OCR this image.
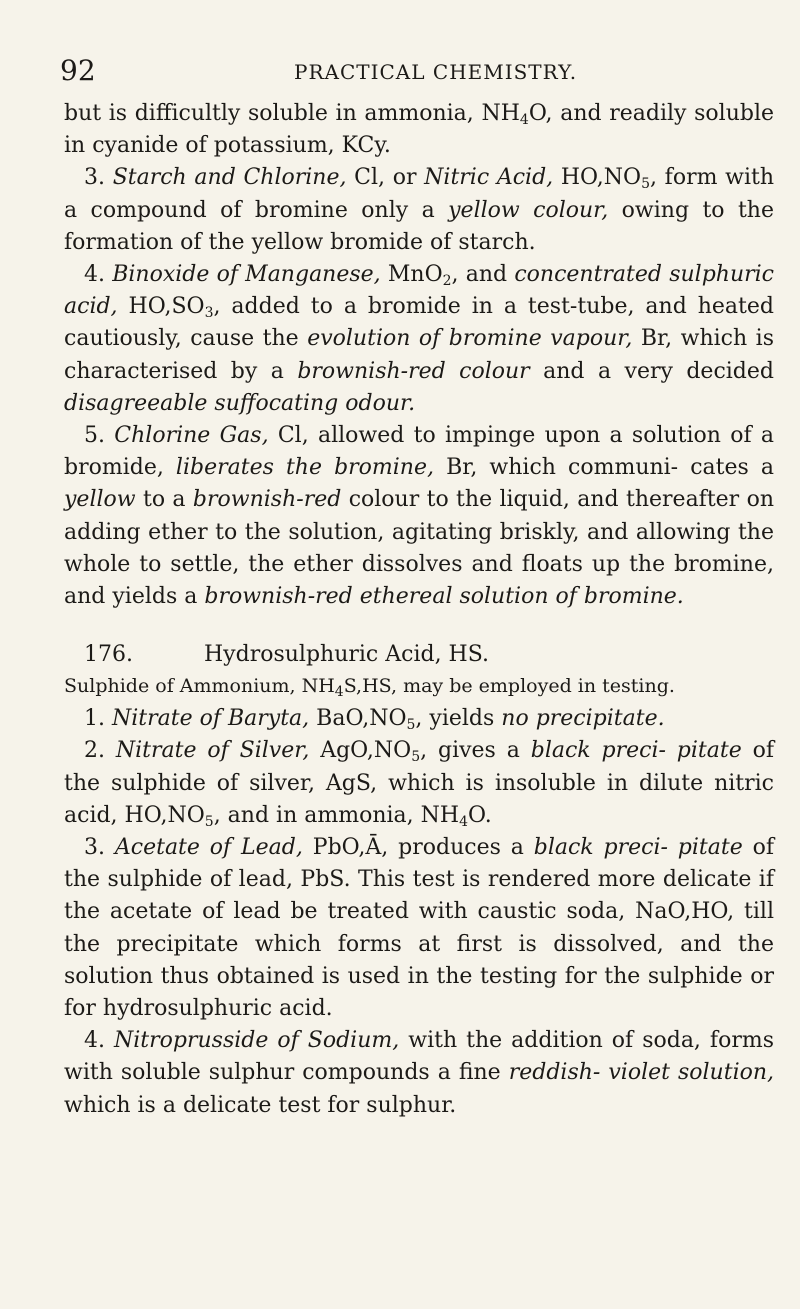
92	PRACTICAL CHEMISTRY.

but is difficultly soluble in ammonia, $NH_4O$, and readily soluble in cyanide of potassium, KCy.

3. Starch and Chlorine, Cl, or Nitric Acid, $HO,NO_5$, form with a compound of bromine only a yellow colour, owing to the formation of the yellow bromide of starch.

4. Binoxide of Manganese, MnO$_2$, and concentrated sulphuric acid, $HO,SO_3$, added to a bromide in a test-tube, and heated cautiously, cause the evolution of bromine vapour, Br, which is characterised by a brownish-red colour and a very decided disagreeable suffocating odour.

5. Chlorine Gas, Cl, allowed to impinge upon a solution of a bromide, liberates the bromine, Br, which communi- cates a yellow to a brownish-red colour to the liquid, and thereafter on adding ether to the solution, agitating briskly, and allowing the whole to settle, the ether dissolves and floats up the bromine, and yields a brownish-red ethereal solution of bromine.

176.	Hydrosulphuric Acid, HS.

Sulphide of Ammonium, $NH_4S,HS$, may be employed in testing.

1. Nitrate of Baryta, $BaO,NO_5$, yields no precipitate.

2. Nitrate of Silver, $AgO,NO_5$, gives a black preci- pitate of the sulphide of silver, AgS, which is insoluble in dilute nitric acid, $HO,NO_5$, and in ammonia, $NH_4O$.

3. Acetate of Lead, PbO,Ā, produces a black preci- pitate of the sulphide of lead, PbS. This test is rendered more delicate if the acetate of lead be treated with caustic soda, NaO,HO, till the precipitate which forms at first is dissolved, and the solution thus obtained is used in the testing for the sulphide or for hydrosulphuric acid.

4. Nitroprusside of Sodium, with the addition of soda, forms with soluble sulphur compounds a fine reddish- violet solution, which is a delicate test for sulphur.
